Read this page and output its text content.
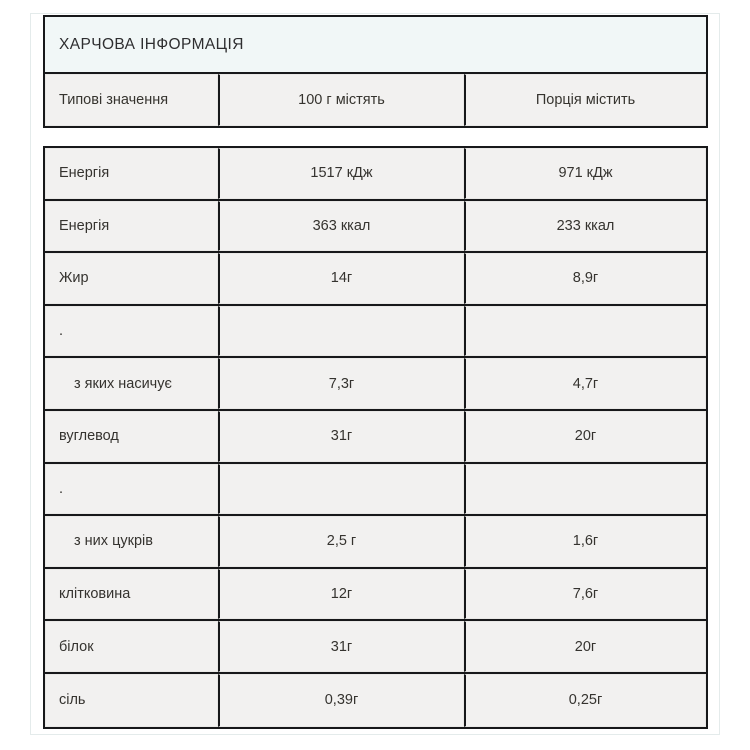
ХАРЧОВА ІНФОРМАЦІЯ
Типові значення	100 г містять	Порція містить
Енергія	1517 кДж	971 кДж
Енергія	363 ккал	233 ккал
Жир	14г	8,9г
.
з яких насичує	7,3г	4,7г
вуглевод	31г	20г
.
з них цукрів	2,5 г	1,6г
клітковина	12г	7,6г
білок	31г	20г
сіль	0,39г	0,25г
